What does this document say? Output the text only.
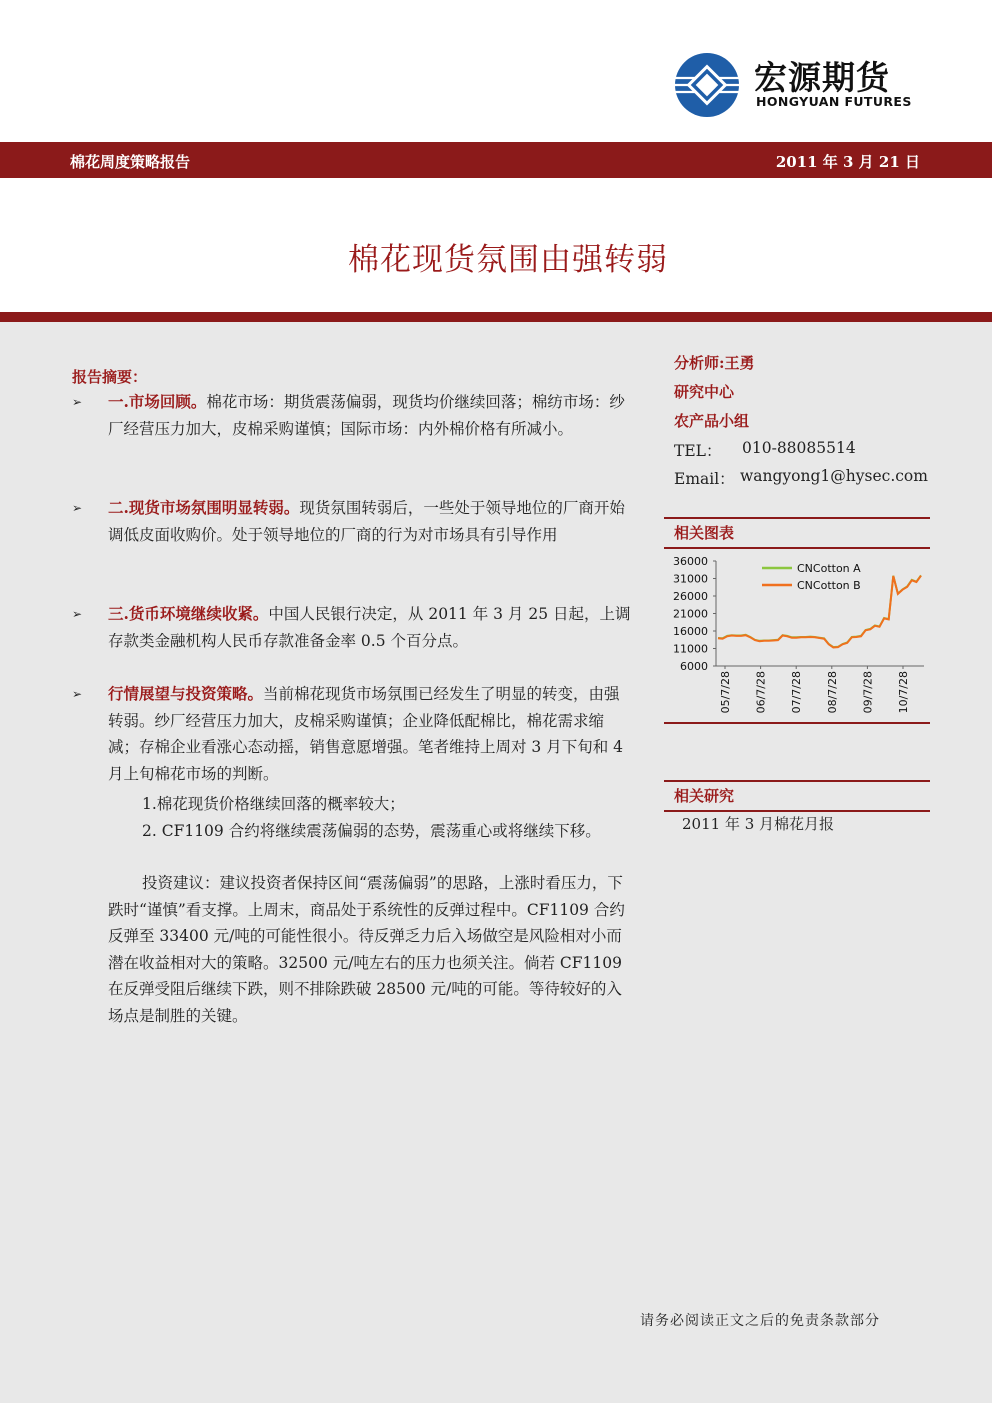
宏源期货
HONGYUAN FUTURES
棉花周度策略报告	2011 年 3 月 21 日
棉花现货氛围由强转弱
报告摘要：
➢ 一.市场回顾。棉花市场：期货震荡偏弱，现货均价继续回落；棉纺市场：纱厂经营压力加大，皮棉采购谨慎；国际市场：内外棉价格有所减小。
➢ 二.现货市场氛围明显转弱。现货氛围转弱后，一些处于领导地位的厂商开始调低皮面收购价。处于领导地位的厂商的行为对市场具有引导作用
➢ 三.货币环境继续收紧。中国人民银行决定，从 2011 年 3 月 25 日起，上调存款类金融机构人民币存款准备金率 0.5 个百分点。
➢ 行情展望与投资策略。当前棉花现货市场氛围已经发生了明显的转变，由强转弱。纱厂经营压力加大，皮棉采购谨慎；企业降低配棉比，棉花需求缩减；存棉企业看涨心态动摇，销售意愿增强。笔者维持上周对 3 月下旬和 4 月上旬棉花市场的判断。
1.棉花现货价格继续回落的概率较大；
2. CF1109 合约将继续震荡偏弱的态势，震荡重心或将继续下移。
投资建议：建议投资者保持区间“震荡偏弱”的思路，上涨时看压力，下跌时“谨慎”看支撑。上周末，商品处于系统性的反弹过程中。CF1109 合约反弹至 33400 元/吨的可能性很小。待反弹乏力后入场做空是风险相对小而潜在收益相对大的策略。32500 元/吨左右的压力也须关注。倘若 CF1109 在反弹受阻后继续下跌，则不排除跌破 28500 元/吨的可能。等待较好的入场点是制胜的关键。
分析师:王勇
研究中心
农产品小组
TEL： 010-88085514
Email： wangyong1@hysec.com
相关图表
36000
31000
26000
21000
16000
11000
6000
05/7/28 06/7/28 07/7/28 08/7/28 09/7/28 10/7/28
CNCotton A
CNCotton B
相关研究
2011 年 3 月棉花月报
请务必阅读正文之后的免责条款部分
